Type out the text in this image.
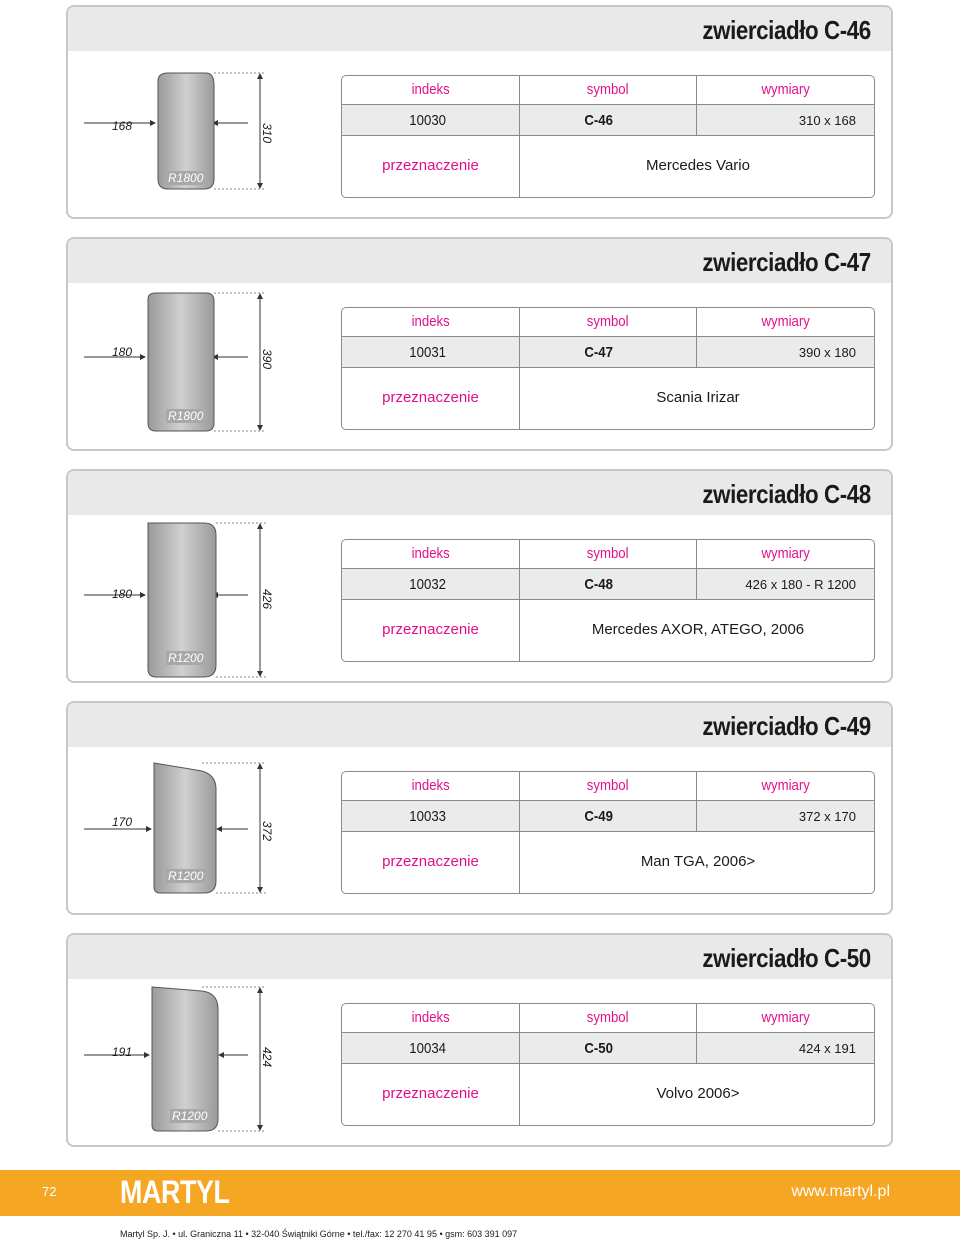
zwierciadło C-46
168	310
R1800
indeks	symbol	wymiary
10030	C-46	310 x 168
przeznaczenie	Mercedes Vario
zwierciadło C-47
180	390
R1800
indeks	symbol	wymiary
10031	C-47	390 x 180
przeznaczenie	Scania Irizar
zwierciadło C-48
180	426
R1200
indeks	symbol	wymiary
10032	C-48	426 x 180 - R 1200
przeznaczenie	Mercedes AXOR, ATEGO, 2006
zwierciadło C-49
170	372
R1200
indeks	symbol	wymiary
10033	C-49	372 x 170
przeznaczenie	Man TGA, 2006>
zwierciadło C-50
191	424
R1200
indeks	symbol	wymiary
10034	C-50	424 x 191
przeznaczenie	Volvo 2006>
72 MARTYL	www.martyl.pl
Martyl Sp. J. • ul. Graniczna 11 • 32-040 Świątniki Górne • tel./fax: 12 270 41 95 • gsm: 603 391 097
